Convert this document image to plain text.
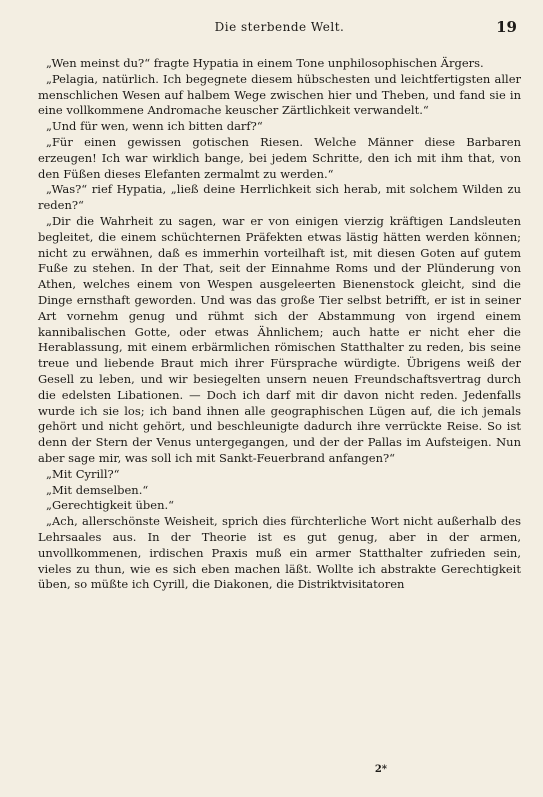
Die sterbende Welt.	19

„Wen meinst du?“ fragte Hypatia in einem Tone unphilosophischen Ärgers.

„Pelagia, natürlich. Ich begegnete diesem hübschesten und leichtfertigsten aller menschlichen Wesen auf halbem Wege zwischen hier und Theben, und fand sie in eine vollkommene Andromache keuscher Zärtlichkeit verwandelt.“

„Und für wen, wenn ich bitten darf?“

„Für einen gewissen gotischen Riesen. Welche Männer diese Barbaren erzeugen! Ich war wirklich bange, bei jedem Schritte, den ich mit ihm that, von den Füßen dieses Elefanten zermalmt zu werden.“

„Was?“ rief Hypatia, „ließ deine Herrlichkeit sich herab, mit solchem Wilden zu reden?“

„Dir die Wahrheit zu sagen, war er von einigen vierzig kräftigen Landsleuten begleitet, die einem schüchternen Präfekten etwas lästig hätten werden können; nicht zu erwähnen, daß es immerhin vorteilhaft ist, mit diesen Goten auf gutem Fuße zu stehen. In der That, seit der Einnahme Roms und der Plünderung von Athen, welches einem von Wespen ausgeleerten Bienenstock gleicht, sind die Dinge ernsthaft geworden. Und was das große Tier selbst betrifft, er ist in seiner Art vornehm genug und rühmt sich der Abstammung von irgend einem kannibalischen Gotte, oder etwas Ähnlichem; auch hatte er nicht eher die Herablassung, mit einem erbärmlichen römischen Statthalter zu reden, bis seine treue und liebende Braut mich ihrer Fürsprache würdigte. Übrigens weiß der Gesell zu leben, und wir besiegelten unsern neuen Freundschaftsvertrag durch die edelsten Libationen. — Doch ich darf mit dir davon nicht reden. Jedenfalls wurde ich sie los; ich band ihnen alle geographischen Lügen auf, die ich jemals gehört und nicht gehört, und beschleunigte dadurch ihre verrückte Reise. So ist denn der Stern der Venus untergegangen, und der der Pallas im Aufsteigen. Nun aber sage mir, was soll ich mit Sankt-Feuerbrand anfangen?“

„Mit Cyrill?“

„Mit demselben.“

„Gerechtigkeit üben.“

„Ach, allerschönste Weisheit, sprich dies fürchterliche Wort nicht außerhalb des Lehrsaales aus. In der Theorie ist es gut genug, aber in der armen, unvollkommenen, irdischen Praxis muß ein armer Statthalter zufrieden sein, vieles zu thun, wie es sich eben machen läßt. Wollte ich abstrakte Gerechtigkeit üben, so müßte ich Cyrill, die Diakonen, die Distriktvisitatoren

2*
